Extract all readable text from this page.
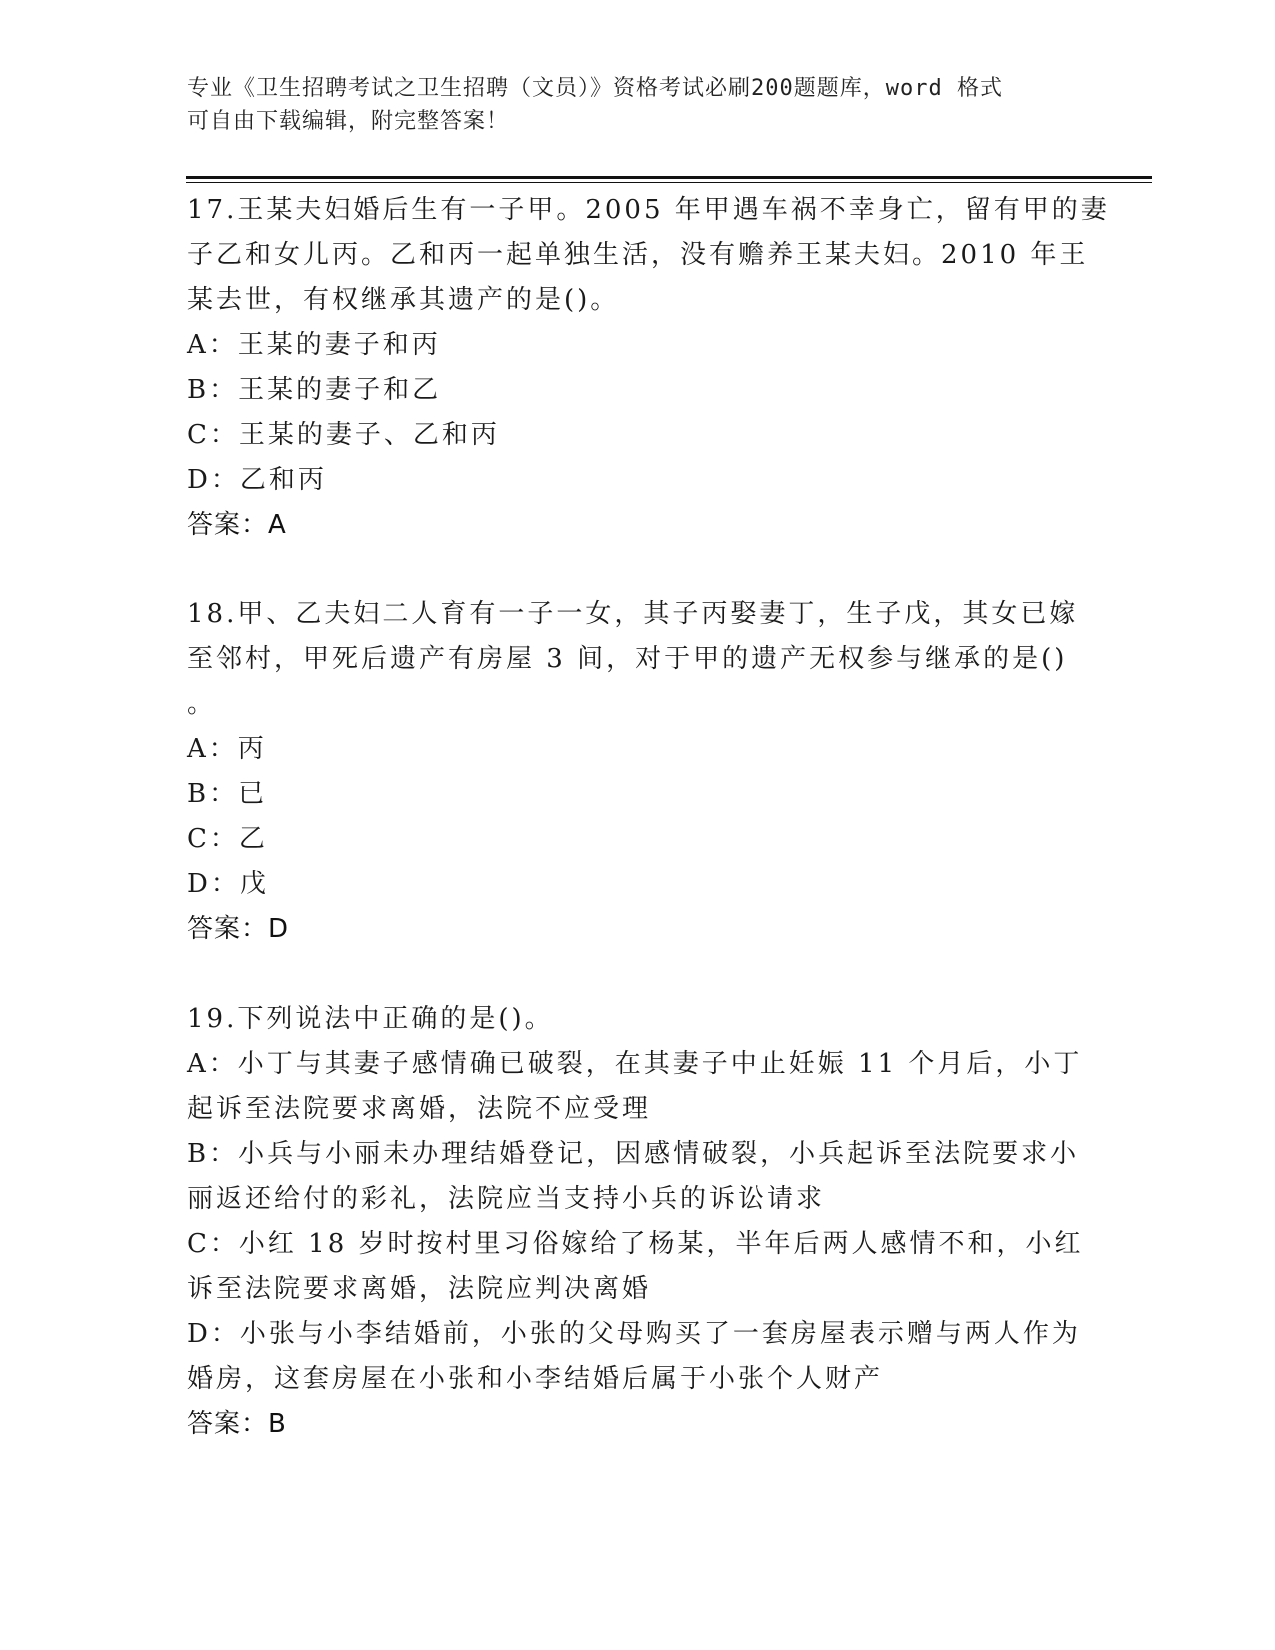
专业《卫生招聘考试之卫生招聘（文员）》资格考试必刷200题题库，word 格式
可自由下载编辑，附完整答案！
17.王某夫妇婚后生有一子甲。2005 年甲遇车祸不幸身亡，留有甲的妻
子乙和女儿丙。乙和丙一起单独生活，没有赡养王某夫妇。2010 年王
某去世，有权继承其遗产的是()。
A：王某的妻子和丙
B：王某的妻子和乙
C：王某的妻子、乙和丙
D：乙和丙
答案：A
18.甲、乙夫妇二人育有一子一女，其子丙娶妻丁，生子戊，其女已嫁
至邻村，甲死后遗产有房屋 3 间，对于甲的遗产无权参与继承的是()
。
A：丙
B：已
C：乙
D：戊
答案：D
19.下列说法中正确的是()。
A：小丁与其妻子感情确已破裂，在其妻子中止妊娠 11 个月后，小丁
起诉至法院要求离婚，法院不应受理
B：小兵与小丽未办理结婚登记，因感情破裂，小兵起诉至法院要求小
丽返还给付的彩礼，法院应当支持小兵的诉讼请求
C：小红 18 岁时按村里习俗嫁给了杨某，半年后两人感情不和，小红
诉至法院要求离婚，法院应判决离婚
D：小张与小李结婚前，小张的父母购买了一套房屋表示赠与两人作为
婚房，这套房屋在小张和小李结婚后属于小张个人财产
答案：B
